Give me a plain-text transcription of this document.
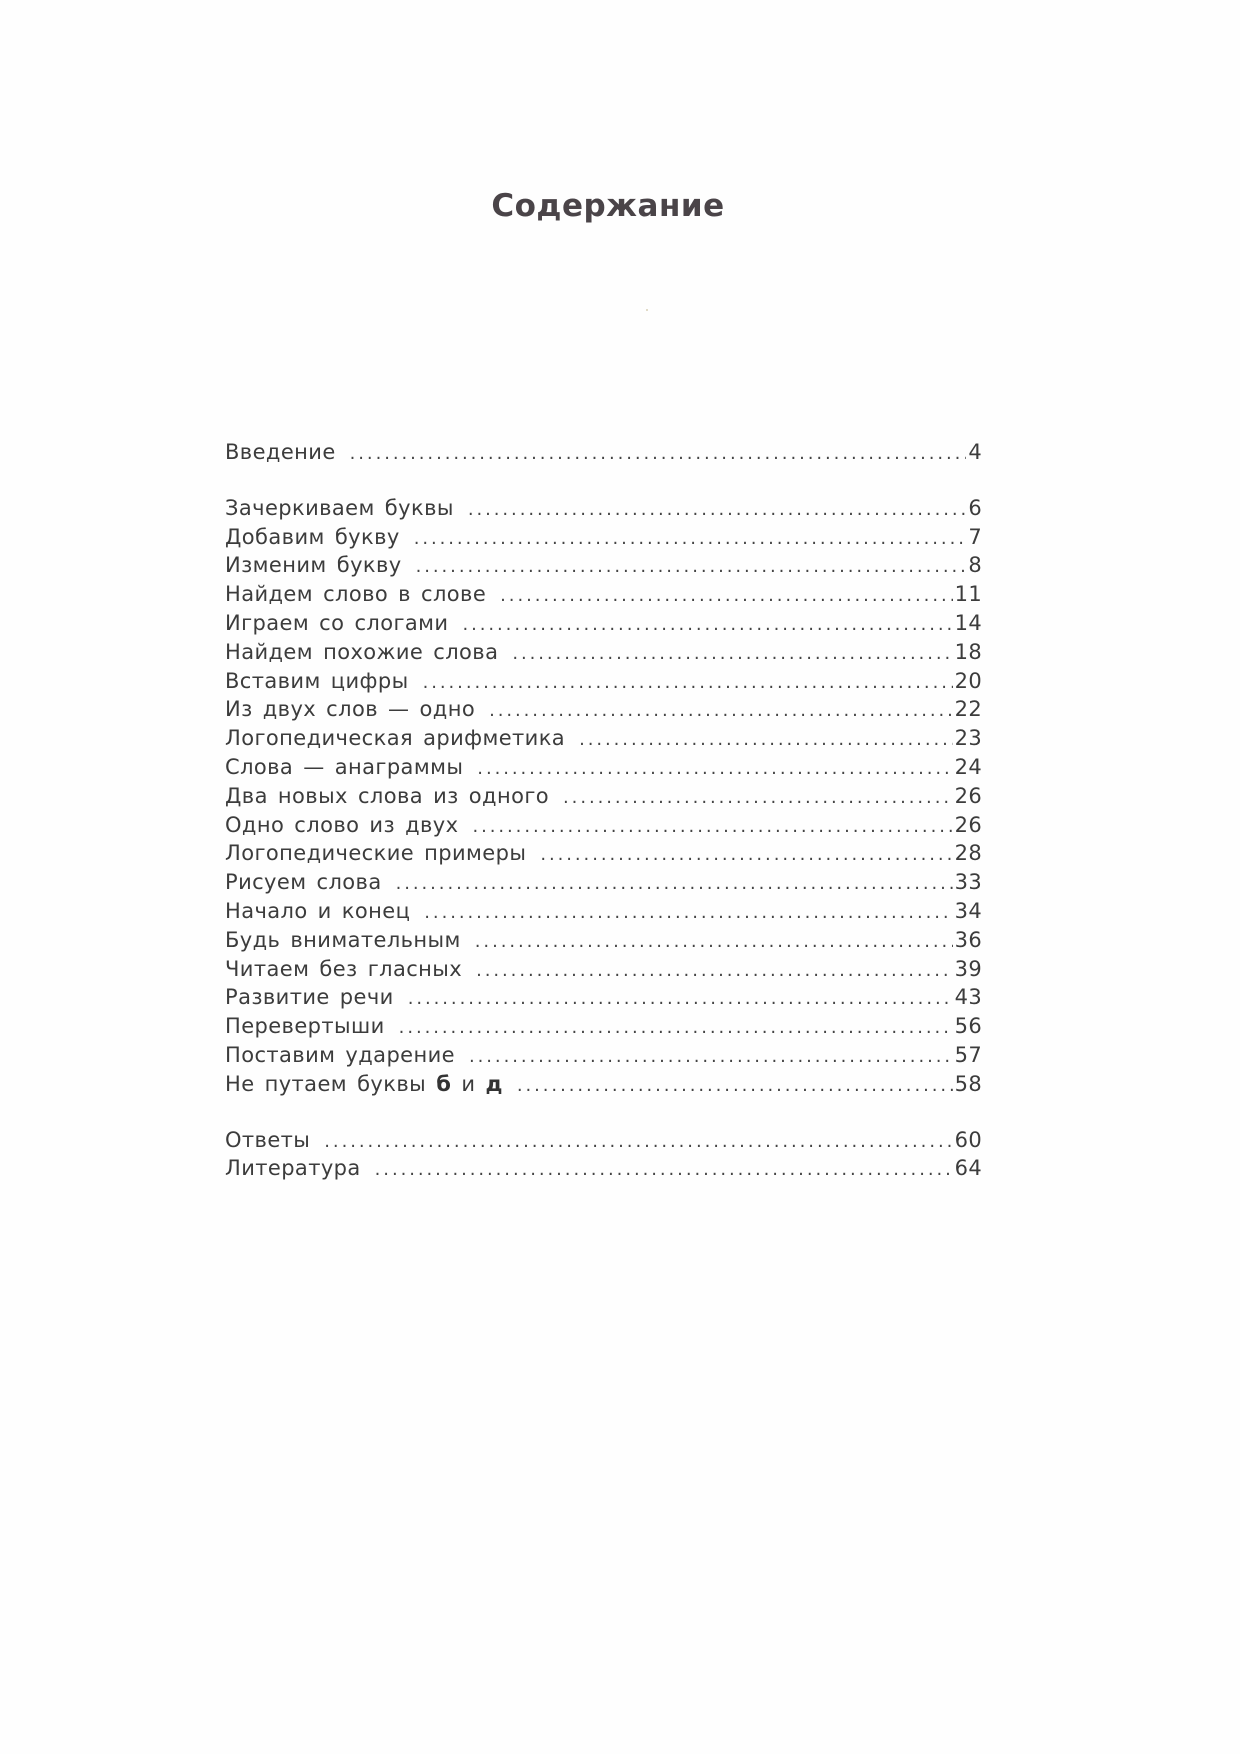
Содержание
Введение . . .	4
Зачеркиваем буквы . . .	6
Добавим букву . . .	7
Изменим букву . . .	8
Найдем слово в слове . . .	11
Играем со слогами . . .	14
Найдем похожие слова . . .	18
Вставим цифры . . .	20
Из двух слов — одно . . .	22
Логопедическая арифметика . . .	23
Слова — анаграммы . . .	24
Два новых слова из одного . . .	26
Одно слово из двух . . .	26
Логопедические примеры . . .	28
Рисуем слова . . .	33
Начало и конец . . .	34
Будь внимательным . . .	36
Читаем без гласных . . .	39
Развитие речи . . .	43
Перевертыши . . .	56
Поставим ударение . . .	57
Не путаем буквы б и д . . .	58
Ответы . . .	60
Литература . . .	64
